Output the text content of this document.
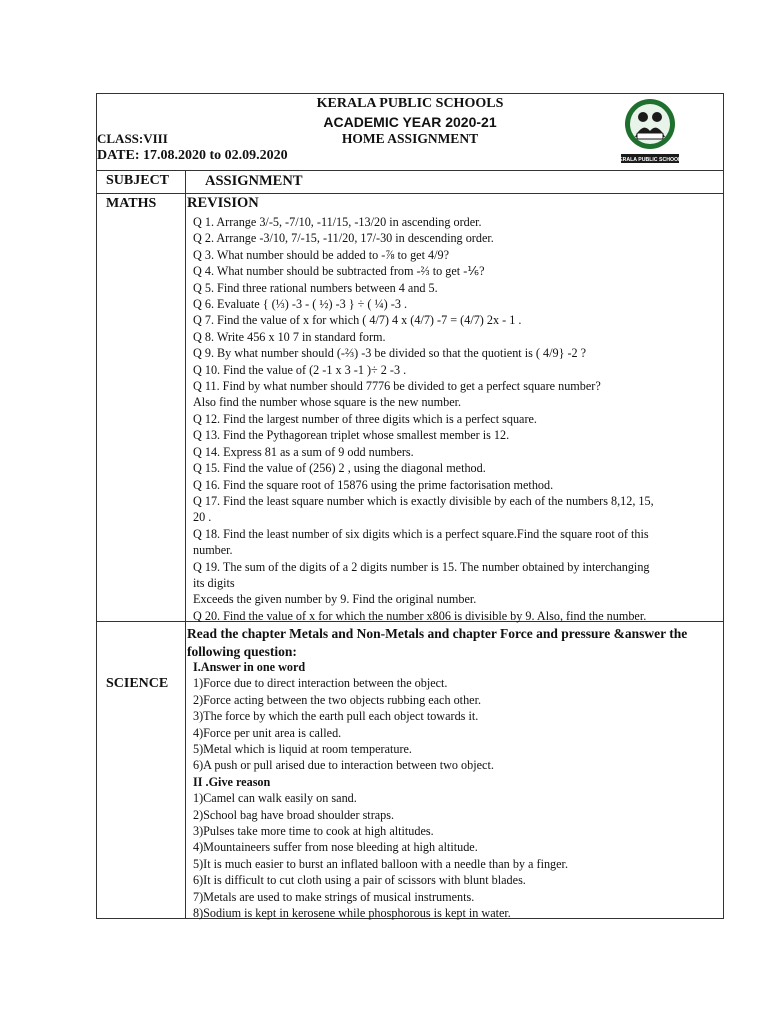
KERALA PUBLIC SCHOOLS
ACADEMIC YEAR 2020-21
HOME ASSIGNMENT
CLASS:VIII
DATE: 17.08.2020 to 02.09.2020	KERALA PUBLIC SCHOOLS
SUBJECT ASSIGNMENT
MATHS REVISION
Q 1. Arrange 3/-5, -7/10, -11/15, -13/20 in ascending order.
Q 2. Arrange -3/10, 7/-15, -11/20, 17/-30 in descending order.
Q 3. What number should be added to -⅞ to get 4/9?
Q 4. What number should be subtracted from -⅔ to get -⅙?
Q 5. Find three rational numbers between 4 and 5.
Q 6. Evaluate { (⅓) -3 - ( ½) -3 } ÷ ( ¼) -3 .
Q 7. Find the value of x for which ( 4/7) 4 x (4/7) -7 = (4/7) 2x - 1 .
Q 8. Write 456 x 10 7 in standard form.
Q 9. By what number should (-⅔) -3 be divided so that the quotient is ( 4/9} -2 ?
Q 10. Find the value of (2 -1 x 3 -1 )÷ 2 -3 .
Q 11. Find by what number should 7776 be divided to get a perfect square number?
Also find the number whose square is the new number.
Q 12. Find the largest number of three digits which is a perfect square.
Q 13. Find the Pythagorean triplet whose smallest member is 12.
Q 14. Express 81 as a sum of 9 odd numbers.
Q 15. Find the value of (256) 2 , using the diagonal method.
Q 16. Find the square root of 15876 using the prime factorisation method.
Q 17. Find the least square number which is exactly divisible by each of the numbers 8,12, 15,
20 .
Q 18. Find the least number of six digits which is a perfect square.Find the square root of this
number.
Q 19. The sum of the digits of a 2 digits number is 15. The number obtained by interchanging
its digits
Exceeds the given number by 9. Find the original number.
Q 20. Find the value of x for which the number x806 is divisible by 9. Also, find the number.
SCIENCE
Read the chapter Metals and Non-Metals and chapter Force and pressure &answer the following question:
I.Answer in one word
1)Force due to direct interaction between the object.
2)Force acting between the two objects rubbing each other.
3)The force by which the earth pull each object towards it.
4)Force per unit area is called.
5)Metal which is liquid at room temperature.
6)A push or pull arised due to interaction between two object.
II .Give reason
1)Camel can walk easily on sand.
2)School bag have broad shoulder straps.
3)Pulses take more time to cook at high altitudes.
4)Mountaineers suffer from nose bleeding at high altitude.
5)It is much easier to burst an inflated balloon with a needle than by a finger.
6)It is difficult to cut cloth using a pair of scissors with blunt blades.
7)Metals are used to make strings of musical instruments.
8)Sodium is kept in kerosene while phosphorous is kept in water.
